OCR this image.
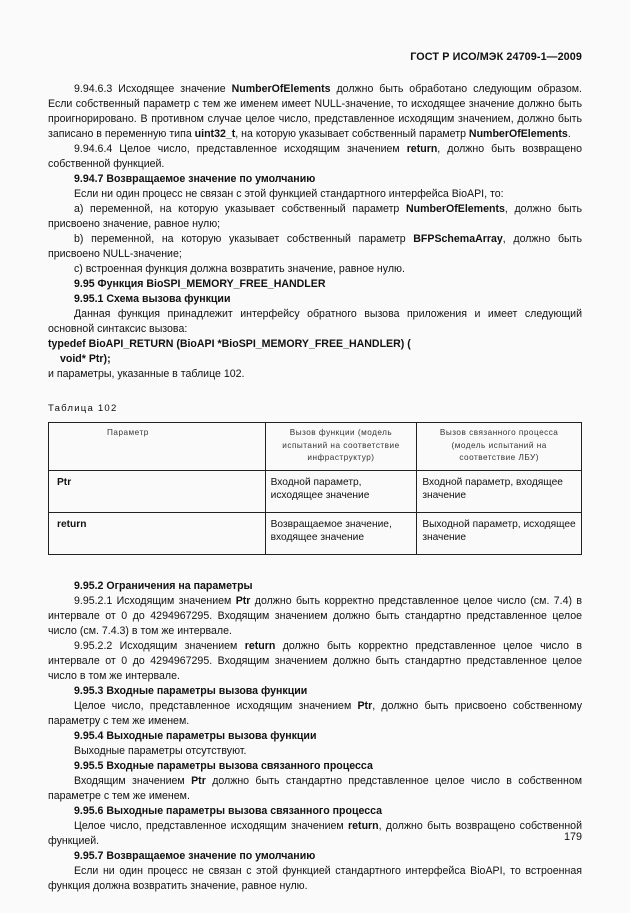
ГОСТ Р ИСО/МЭК 24709-1—2009

9.94.6.3 Исходящее значение NumberOfElements должно быть обработано следующим образом. Если собственный параметр с тем же именем имеет NULL-значение, то исходящее значение должно быть проигнорировано. В противном случае целое число, представленное исходящим значением, должно быть записано в переменную типа uint32_t, на которую указывает собственный параметр NumberOfElements.

9.94.6.4 Целое число, представленное исходящим значением return, должно быть возвращено собственной функцией.

9.94.7 Возвращаемое значение по умолчанию

Если ни один процесс не связан с этой функцией стандартного интерфейса BioAPI, то:

a) переменной, на которую указывает собственный параметр NumberOfElements, должно быть присвоено значение, равное нулю;

b) переменной, на которую указывает собственный параметр BFPSchemaArray, должно быть присвоено NULL-значение;

c) встроенная функция должна возвратить значение, равное нулю.

9.95 Функция BioSPI_MEMORY_FREE_HANDLER

9.95.1 Схема вызова функции

Данная функция принадлежит интерфейсу обратного вызова приложения и имеет следующий основной синтаксис вызова:

typedef BioAPI_RETURN (BioAPI *BioSPI_MEMORY_FREE_HANDLER) (

void* Ptr);

и параметры, указанные в таблице 102.

Таблица 102

Параметр	Вызов функции (модель испытаний на соответствие инфраструктур)	Вызов связанного процесса (модель испытаний на соответствие ЛБУ)
Ptr	Входной параметр, исходящее значение	Входной параметр, входящее значение
return	Возвращаемое значение, входящее значение	Выходной параметр, исходящее значение

9.95.2 Ограничения на параметры

9.95.2.1 Исходящим значением Ptr должно быть корректно представленное целое число (см. 7.4) в интервале от 0 до 4294967295. Входящим значением должно быть стандартно представленное целое число (см. 7.4.3) в том же интервале.

9.95.2.2 Исходящим значением return должно быть корректно представленное целое число в интервале от 0 до 4294967295. Входящим значением должно быть стандартно представленное целое число в том же интервале.

9.95.3 Входные параметры вызова функции

Целое число, представленное исходящим значением Ptr, должно быть присвоено собственному параметру с тем же именем.

9.95.4 Выходные параметры вызова функции

Выходные параметры отсутствуют.

9.95.5 Входные параметры вызова связанного процесса

Входящим значением Ptr должно быть стандартно представленное целое число в собственном параметре с тем же именем.

9.95.6 Выходные параметры вызова связанного процесса

Целое число, представленное исходящим значением return, должно быть возвращено собственной функцией.

9.95.7 Возвращаемое значение по умолчанию

Если ни один процесс не связан с этой функцией стандартного интерфейса BioAPI, то встроенная функция должна возвратить значение, равное нулю.

179
